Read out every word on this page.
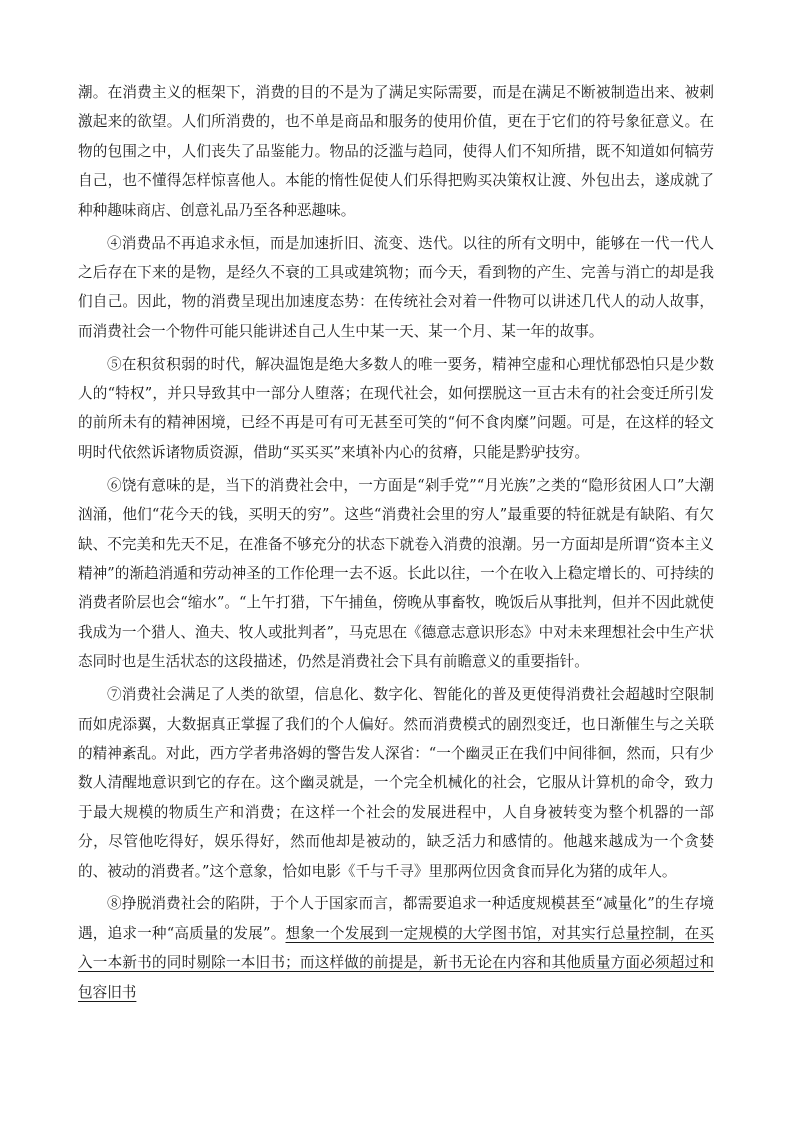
潮。在消费主义的框架下，消费的目的不是为了满足实际需要，而是在满足不断被制造出来、被刺激起来的欲望。人们所消费的，也不单是商品和服务的使用价值，更在于它们的符号象征意义。在物的包围之中，人们丧失了品鉴能力。物品的泛滥与趋同，使得人们不知所措，既不知道如何犒劳自己，也不懂得怎样惊喜他人。本能的惰性促使人们乐得把购买决策权让渡、外包出去，遂成就了种种趣味商店、创意礼品乃至各种恶趣味。

④消费品不再追求永恒，而是加速折旧、流变、迭代。以往的所有文明中，能够在一代一代人之后存在下来的是物，是经久不衰的工具或建筑物；而今天，看到物的产生、完善与消亡的却是我们自己。因此，物的消费呈现出加速度态势：在传统社会对着一件物可以讲述几代人的动人故事，而消费社会一个物件可能只能讲述自己人生中某一天、某一个月、某一年的故事。

⑤在积贫积弱的时代，解决温饱是绝大多数人的唯一要务，精神空虚和心理忧郁恐怕只是少数人的“特权”，并只导致其中一部分人堕落；在现代社会，如何摆脱这一亘古未有的社会变迁所引发的前所未有的精神困境，已经不再是可有可无甚至可笑的“何不食肉糜”问题。可是，在这样的轻文明时代依然诉诸物质资源，借助“买买买”来填补内心的贫瘠，只能是黔驴技穷。

⑥饶有意味的是，当下的消费社会中，一方面是“剁手党”“月光族”之类的“隐形贫困人口”大潮汹涌，他们“花今天的钱，买明天的穷”。这些“消费社会里的穷人”最重要的特征就是有缺陷、有欠缺、不完美和先天不足，在准备不够充分的状态下就卷入消费的浪潮。另一方面却是所谓“资本主义精神”的渐趋消遁和劳动神圣的工作伦理一去不返。长此以往，一个在收入上稳定增长的、可持续的消费者阶层也会“缩水”。“上午打猎，下午捕鱼，傍晚从事畜牧，晚饭后从事批判，但并不因此就使我成为一个猎人、渔夫、牧人或批判者”，马克思在《德意志意识形态》中对未来理想社会中生产状态同时也是生活状态的这段描述，仍然是消费社会下具有前瞻意义的重要指针。

⑦消费社会满足了人类的欲望，信息化、数字化、智能化的普及更使得消费社会超越时空限制而如虎添翼，大数据真正掌握了我们的个人偏好。然而消费模式的剧烈变迁，也日渐催生与之关联的精神紊乱。对此，西方学者弗洛姆的警告发人深省：“一个幽灵正在我们中间徘徊，然而，只有少数人清醒地意识到它的存在。这个幽灵就是，一个完全机械化的社会，它服从计算机的命令，致力于最大规模的物质生产和消费；在这样一个社会的发展进程中，人自身被转变为整个机器的一部分，尽管他吃得好，娱乐得好，然而他却是被动的，缺乏活力和感情的。他越来越成为一个贪婪的、被动的消费者。”这个意象，恰如电影《千与千寻》里那两位因贪食而异化为猪的成年人。

⑧挣脱消费社会的陷阱，于个人于国家而言，都需要追求一种适度规模甚至“减量化”的生存境遇，追求一种“高质量的发展”。想象一个发展到一定规模的大学图书馆，对其实行总量控制，在买入一本新书的同时剔除一本旧书；而这样做的前提是，新书无论在内容和其他质量方面必须超过和包容旧书
